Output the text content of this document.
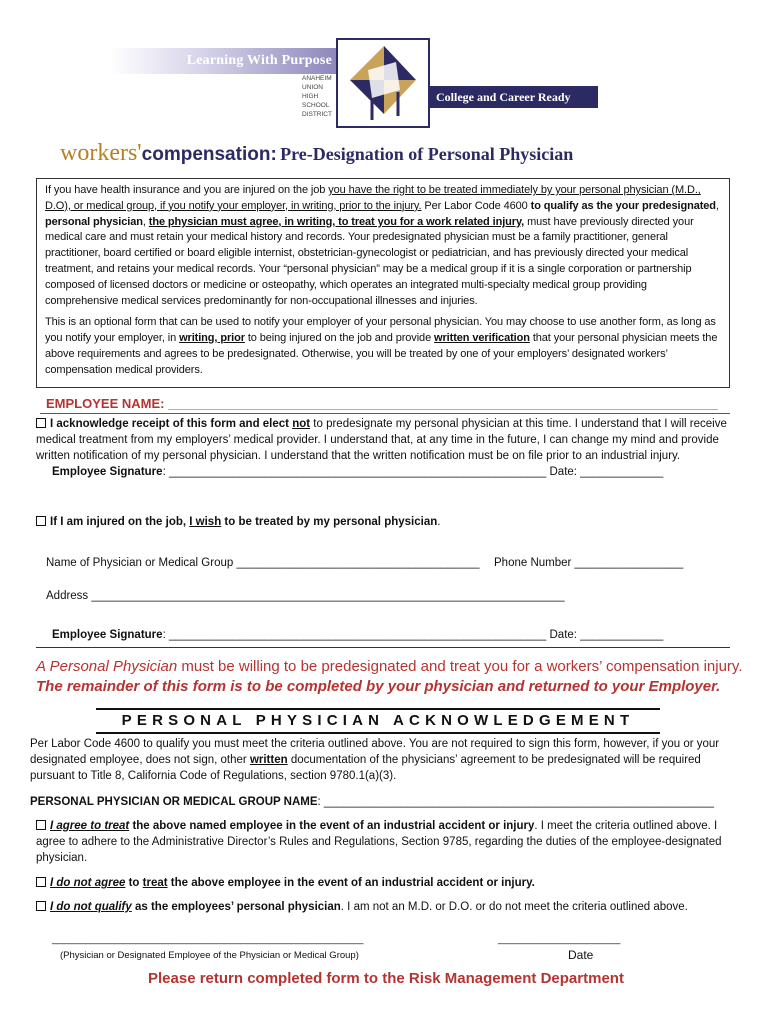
Learning With Purpose
ANAHEIM
UNION
HIGH
SCHOOL
DISTRICT
College and Career Ready
workers'compensation: Pre-Designation of Personal Physician

If you have health insurance and you are injured on the job you have the right to be treated immediately by your personal physician (M.D., D.O), or medical group, if you notify your employer, in writing, prior to the injury. Per Labor Code 4600 to qualify as the your predesignated, personal physician, the physician must agree, in writing, to treat you for a work related injury, must have previously directed your medical care and must retain your medical history and records. Your predesignated physician must be a family practitioner, general practitioner, board certified or board eligible internist, obstetrician-gynecologist or pediatrician, and has previously directed your medical treatment, and retains your medical records. Your “personal physician” may be a medical group if it is a single corporation or partnership composed of licensed doctors or medicine or osteopathy, which operates an integrated multi-specialty medical group providing comprehensive medical services predominantly for non-occupational illnesses and injuries.

This is an optional form that can be used to notify your employer of your personal physician. You may choose to use another form, as long as you notify your employer, in writing, prior to being injured on the job and provide written verification that your personal physician meets the above requirements and agrees to be predesignated. Otherwise, you will be treated by one of your employers’ designated workers’ compensation medical providers.

EMPLOYEE NAME: ____________________________________________________________________________
I acknowledge receipt of this form and elect not to predesignate my personal physician at this time. I understand that I will receive medical treatment from my employers’ medical provider. I understand that, at any time in the future, I can change my mind and provide written notification of my personal physician. I understand that the written notification must be on file prior to an industrial injury.
Employee Signature: ___________________________________________________________ Date: _____________
If I am injured on the job, I wish to be treated by my personal physician.
Name of Physician or Medical Group ______________________________________ Phone Number _________________
Address __________________________________________________________________________
Employee Signature: ___________________________________________________________ Date: _____________
A Personal Physician must be willing to be predesignated and treat you for a workers’ compensation injury.
The remainder of this form is to be completed by your physician and returned to your Employer.
PERSONAL PHYSICIAN ACKNOWLEDGEMENT
Per Labor Code 4600 to qualify you must meet the criteria outlined above. You are not required to sign this form, however, if you or your designated employee, does not sign, other written documentation of the physicians’ agreement to be predesignated will be required pursuant to Title 8, California Code of Regulations, section 9780.1(a)(3).
PERSONAL PHYSICIAN OR MEDICAL GROUP NAME: _____________________________________________________________
I agree to treat the above named employee in the event of an industrial accident or injury. I meet the criteria outlined above. I agree to adhere to the Administrative Director’s Rules and Regulations, Section 9785, regarding the duties of the employee-designated physician.
I do not agree to treat the above employee in the event of an industrial accident or injury.
I do not qualify as the employees’ personal physician. I am not an M.D. or D.O. or do not meet the criteria outlined above.
________________________________________________________	______________________
(Physician or Designated Employee of the Physician or Medical Group)	Date
Please return completed form to the Risk Management Department
